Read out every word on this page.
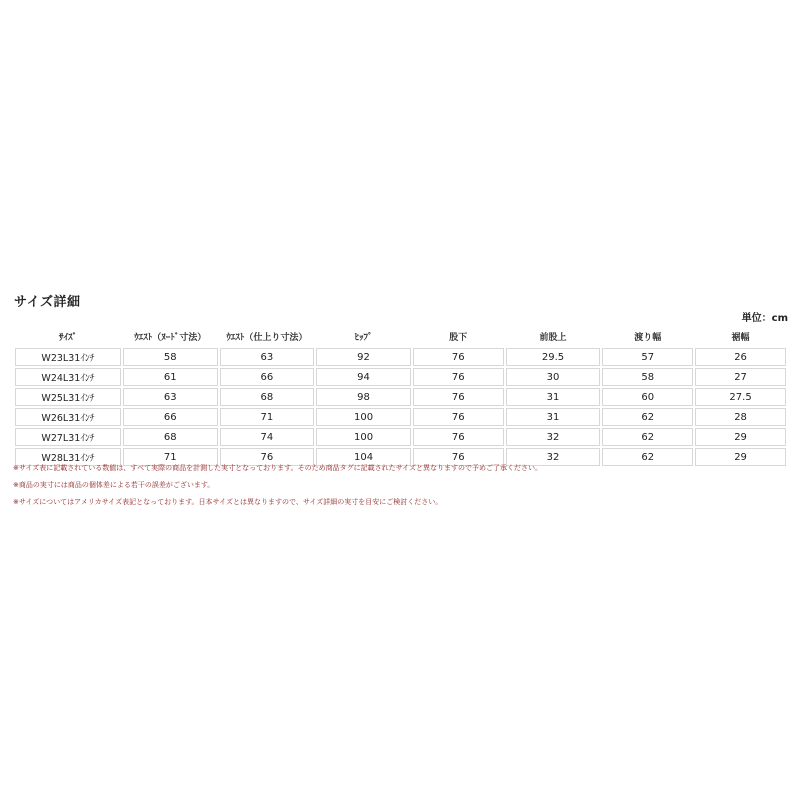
サイズ詳細
単位：cm
ｻｲｽﾞ	ｳｴｽﾄ（ﾇｰﾄﾞ寸法）	ｳｴｽﾄ（仕上り寸法）	ﾋｯﾌﾟ	股下	前股上	渡り幅	裾幅
W23L31ｲﾝﾁ	58	63	92	76	29.5	57	26
W24L31ｲﾝﾁ	61	66	94	76	30	58	27
W25L31ｲﾝﾁ	63	68	98	76	31	60	27.5
W26L31ｲﾝﾁ	66	71	100	76	31	62	28
W27L31ｲﾝﾁ	68	74	100	76	32	62	29
W28L31ｲﾝﾁ	71	76	104	76	32	62	29
※サイズ表に記載されている数値は、すべて実際の商品を計測した実寸となっております。そのため商品タグに記載されたサイズと異なりますので予めご了承ください。
※商品の実寸には商品の個体差による若干の誤差がございます。
※サイズについてはアメリカサイズ表記となっております。日本サイズとは異なりますので、サイズ詳細の実寸を目安にご検討ください。
